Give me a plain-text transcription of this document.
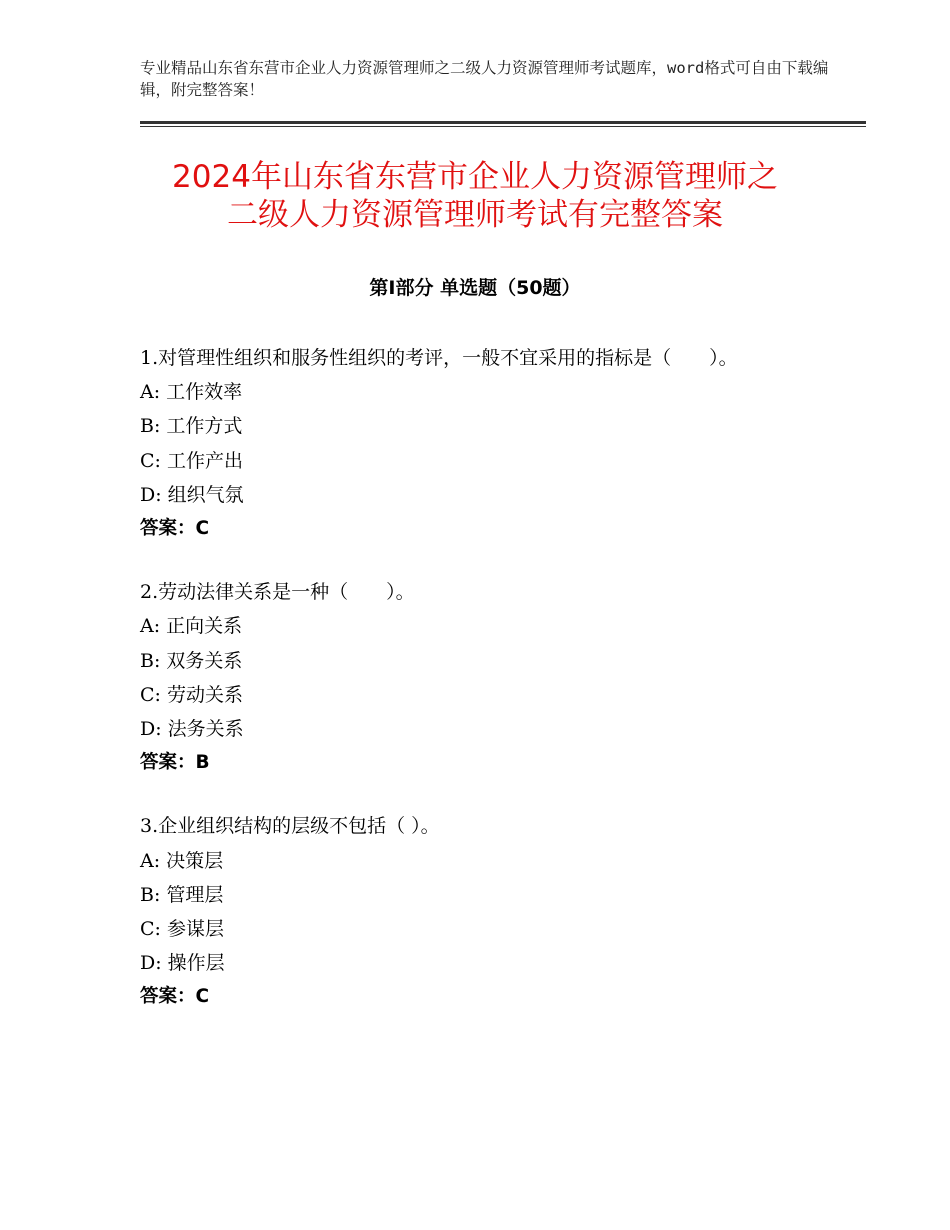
专业精品山东省东营市企业人力资源管理师之二级人力资源管理师考试题库，word格式可自由下载编辑，附完整答案！
2024年山东省东营市企业人力资源管理师之
二级人力资源管理师考试有完整答案
第Ⅰ部分 单选题（50题）
1.对管理性组织和服务性组织的考评，一般不宜采用的指标是（　　）。
A: 工作效率
B: 工作方式
C: 工作产出
D: 组织气氛
答案：C
2.劳动法律关系是一种（　　）。
A: 正向关系
B: 双务关系
C: 劳动关系
D: 法务关系
答案：B
3.企业组织结构的层级不包括（ ）。
A: 决策层
B: 管理层
C: 参谋层
D: 操作层
答案：C
